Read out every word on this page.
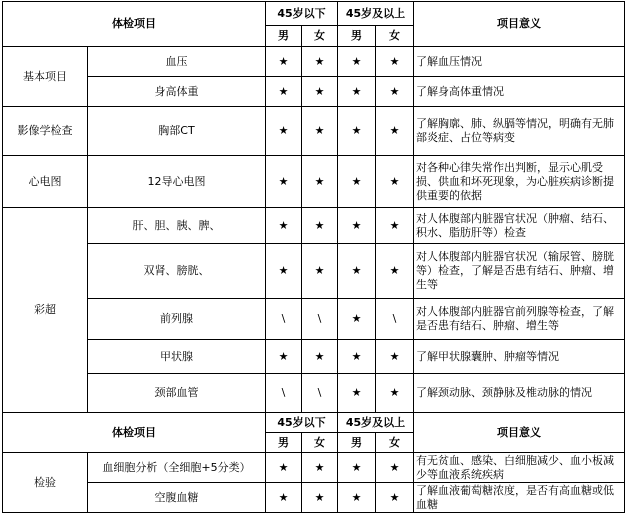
体检项目		45岁以下		45岁及以上		项目意义
		男	女	男	女	
基本项目	血压	★	★	★	★	了解血压情况
	身高体重	★	★	★	★	了解身高体重情况
影像学检查	胸部CT	★	★	★	★	了解胸廓、肺、纵膈等情况，明确有无肺部炎症、占位等病变
心电图	12导心电图	★	★	★	★	对各种心律失常作出判断，显示心肌受损、供血和坏死现象，为心脏疾病诊断提供重要的依据
彩超	肝、胆、胰、脾、	★	★	★	★	对人体腹部内脏器官状况（肿瘤、结石、积水、脂肪肝等）检查
	双肾、膀胱、	★	★	★	★	对人体腹部内脏器官状况（输尿管、膀胱等）检查，了解是否患有结石、肿瘤、增生等
	前列腺	\	\	★	\	对人体腹部内脏器官前列腺等检查，了解是否患有结石、肿瘤、增生等
	甲状腺	★	★	★	★	了解甲状腺囊肿、肿瘤等情况
	颈部血管	\	\	★	★	了解颈动脉、颈静脉及椎动脉的情况
体检项目		45岁以下		45岁及以上		项目意义
		男	女	男	女	
检验	血细胞分析（全细胞+5分类）	★	★	★	★	有无贫血、感染、白细胞减少、血小板减少等血液系统疾病
	空腹血糖	★	★	★	★	了解血液葡萄糖浓度，是否有高血糖或低血糖
